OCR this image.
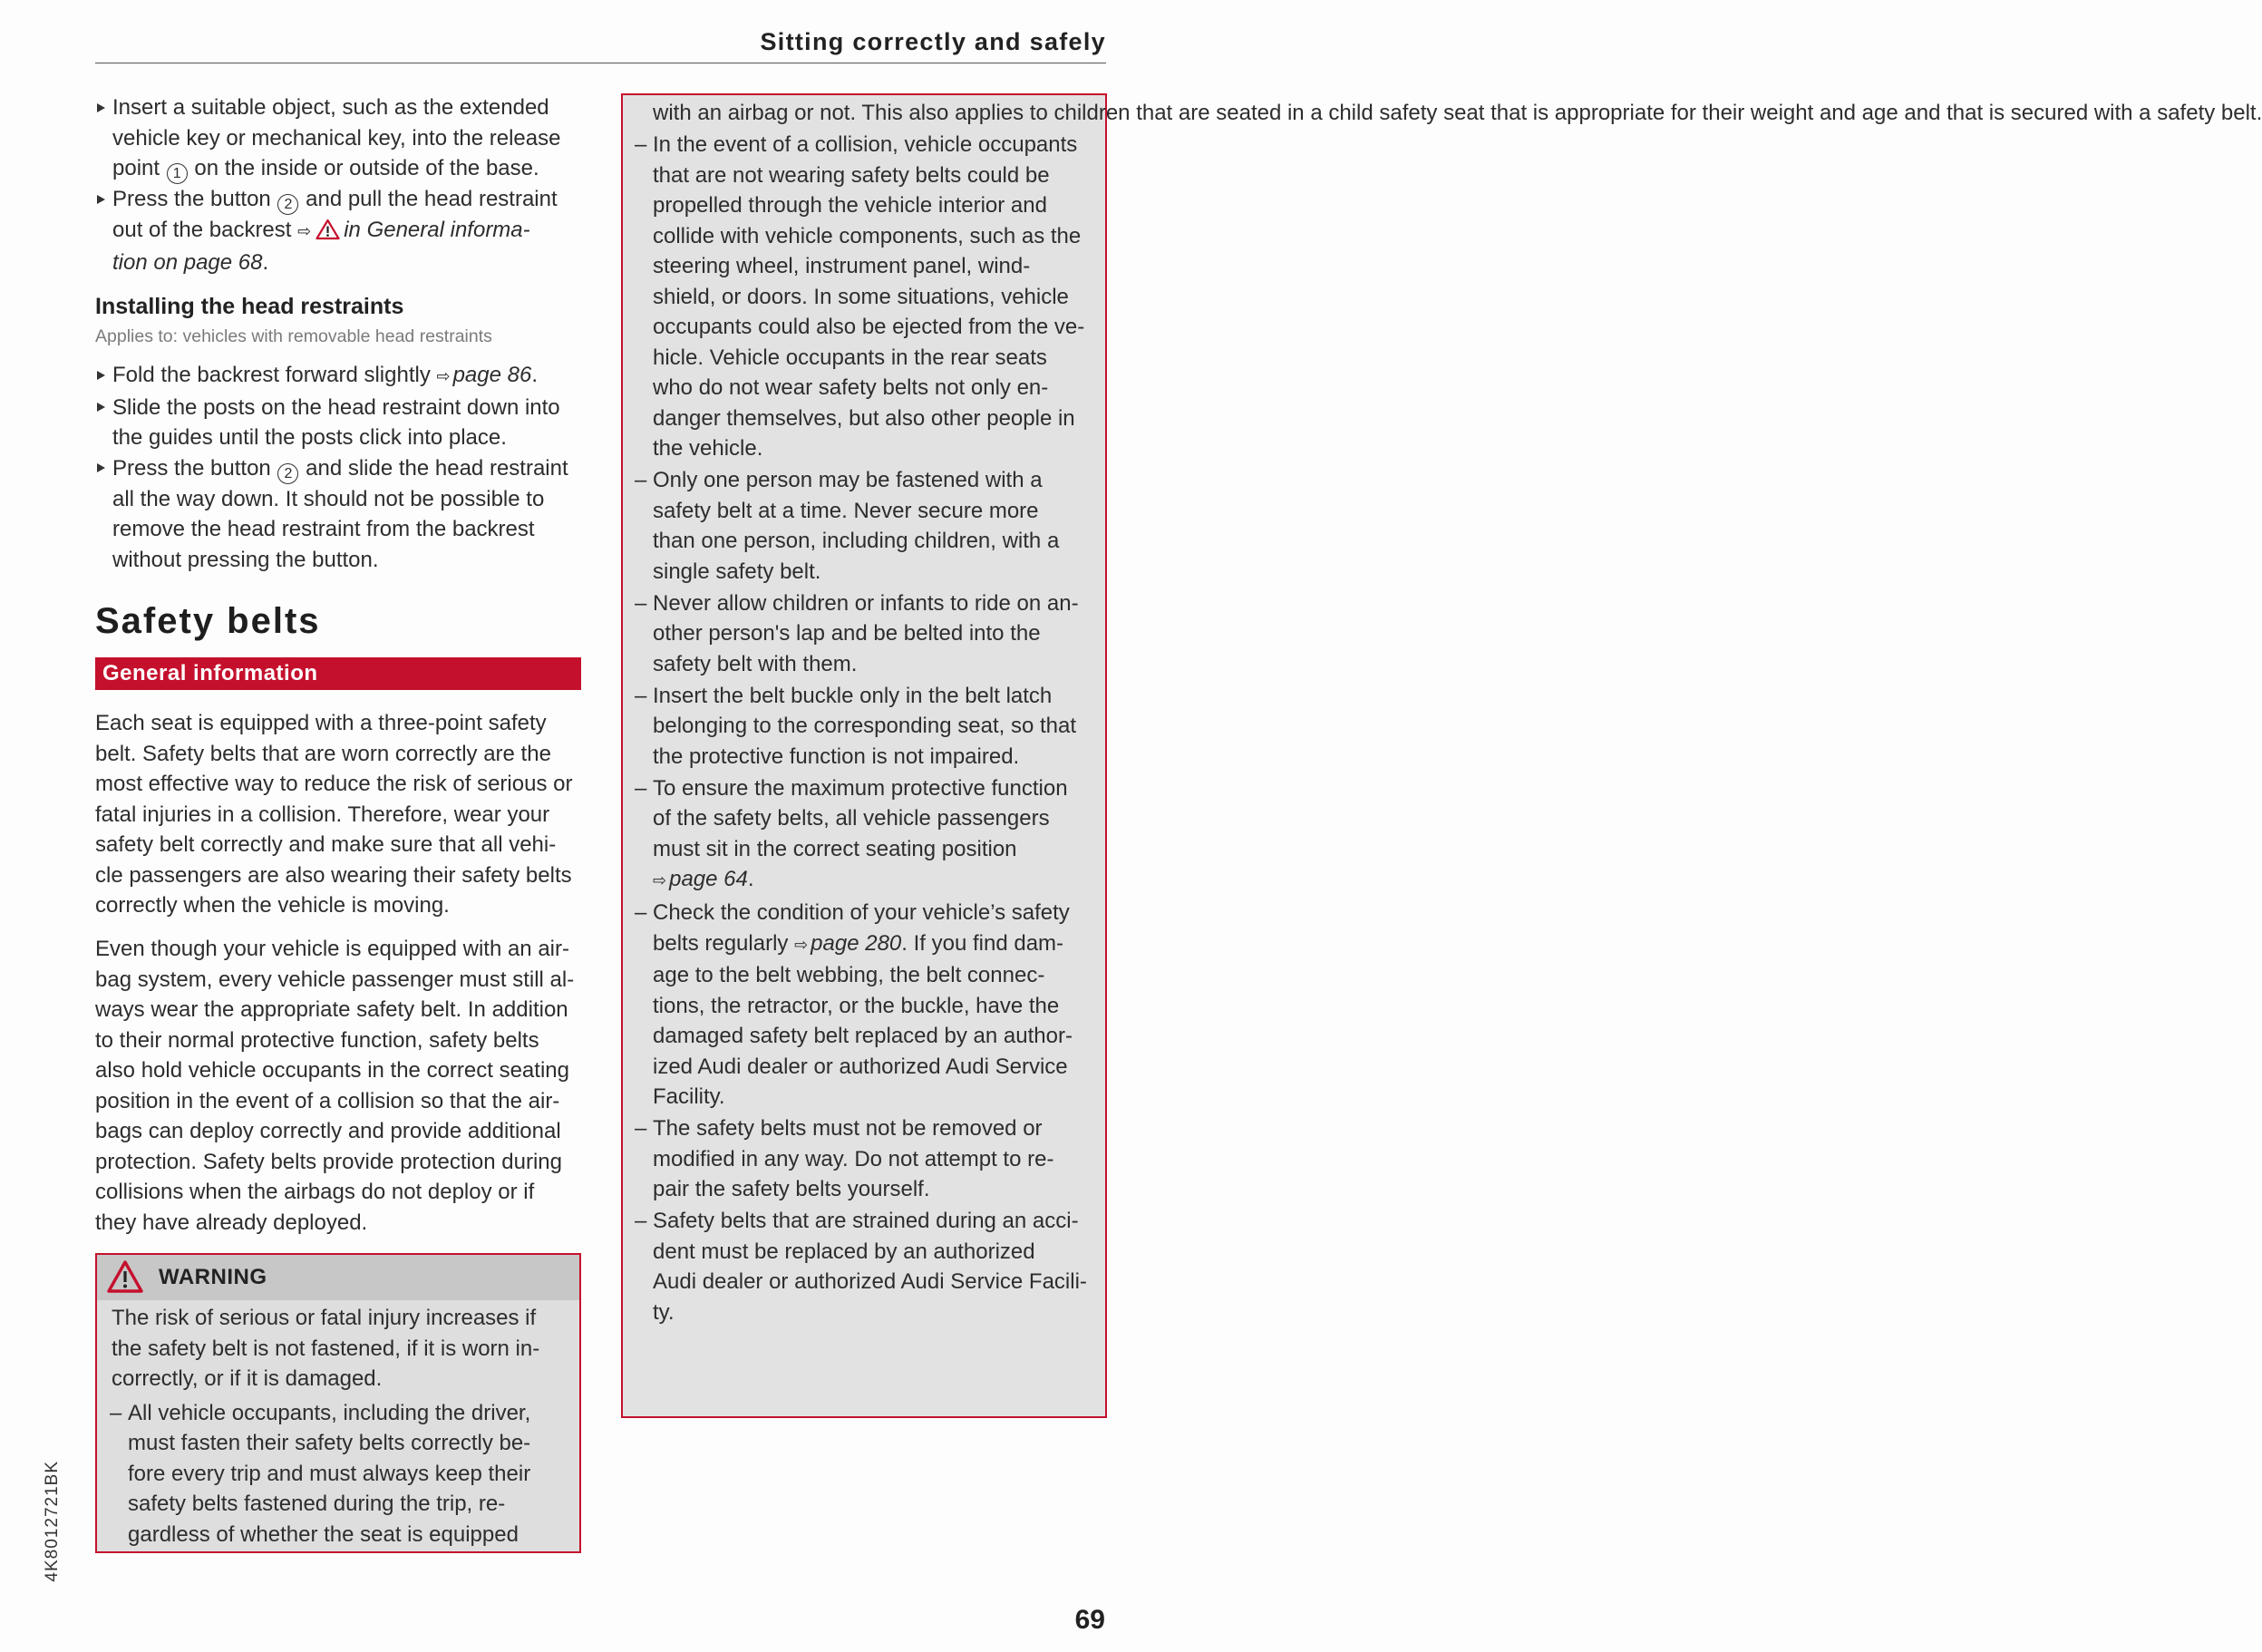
Sitting correctly and safely
Insert a suitable object, such as the extended
vehicle key or mechanical key, into the release
point 1 on the inside or outside of the base.
Press the button 2 and pull the head restraint
out of the backrest ⇨ in General informa-
tion on page 68.
Installing the head restraints
Applies to: vehicles with removable head restraints
Fold the backrest forward slightly ⇨ page 86.
Slide the posts on the head restraint down into
the guides until the posts click into place.
Press the button 2 and slide the head restraint
all the way down. It should not be possible to
remove the head restraint from the backrest
without pressing the button.
Safety belts
General information
Each seat is equipped with a three-point safety
belt. Safety belts that are worn correctly are the
most effective way to reduce the risk of serious or
fatal injuries in a collision. Therefore, wear your
safety belt correctly and make sure that all vehi-
cle passengers are also wearing their safety belts
correctly when the vehicle is moving.
Even though your vehicle is equipped with an air-
bag system, every vehicle passenger must still al-
ways wear the appropriate safety belt. In addition
to their normal protective function, safety belts
also hold vehicle occupants in the correct seating
position in the event of a collision so that the air-
bags can deploy correctly and provide additional
protection. Safety belts provide protection during
collisions when the airbags do not deploy or if
they have already deployed.
WARNING
The risk of serious or fatal injury increases if
the safety belt is not fastened, if it is worn in-
correctly, or if it is damaged.
– All vehicle occupants, including the driver,
must fasten their safety belts correctly be-
fore every trip and must always keep their
safety belts fastened during the trip, re-
gardless of whether the seat is equipped
with an airbag or not. This also applies to children that are seated in a child safety seat that is appropriate for their weight and age and that is secured with a safety belt.
– In the event of a collision, vehicle occupants
that are not wearing safety belts could be
propelled through the vehicle interior and
collide with vehicle components, such as the
steering wheel, instrument panel, wind-
shield, or doors. In some situations, vehicle
occupants could also be ejected from the ve-
hicle. Vehicle occupants in the rear seats
who do not wear safety belts not only en-
danger themselves, but also other people in
the vehicle.
– Only one person may be fastened with a
safety belt at a time. Never secure more
than one person, including children, with a
single safety belt.
– Never allow children or infants to ride on an-
other person's lap and be belted into the
safety belt with them.
– Insert the belt buckle only in the belt latch
belonging to the corresponding seat, so that
the protective function is not impaired.
– To ensure the maximum protective function
of the safety belts, all vehicle passengers
must sit in the correct seating position
⇨ page 64.
– Check the condition of your vehicle’s safety
belts regularly ⇨ page 280. If you find dam-
age to the belt webbing, the belt connec-
tions, the retractor, or the buckle, have the
damaged safety belt replaced by an author-
ized Audi dealer or authorized Audi Service
Facility.
– The safety belts must not be removed or
modified in any way. Do not attempt to re-
pair the safety belts yourself.
– Safety belts that are strained during an acci-
dent must be replaced by an authorized
Audi dealer or authorized Audi Service Facili-
ty.
4K8012721BK
69
